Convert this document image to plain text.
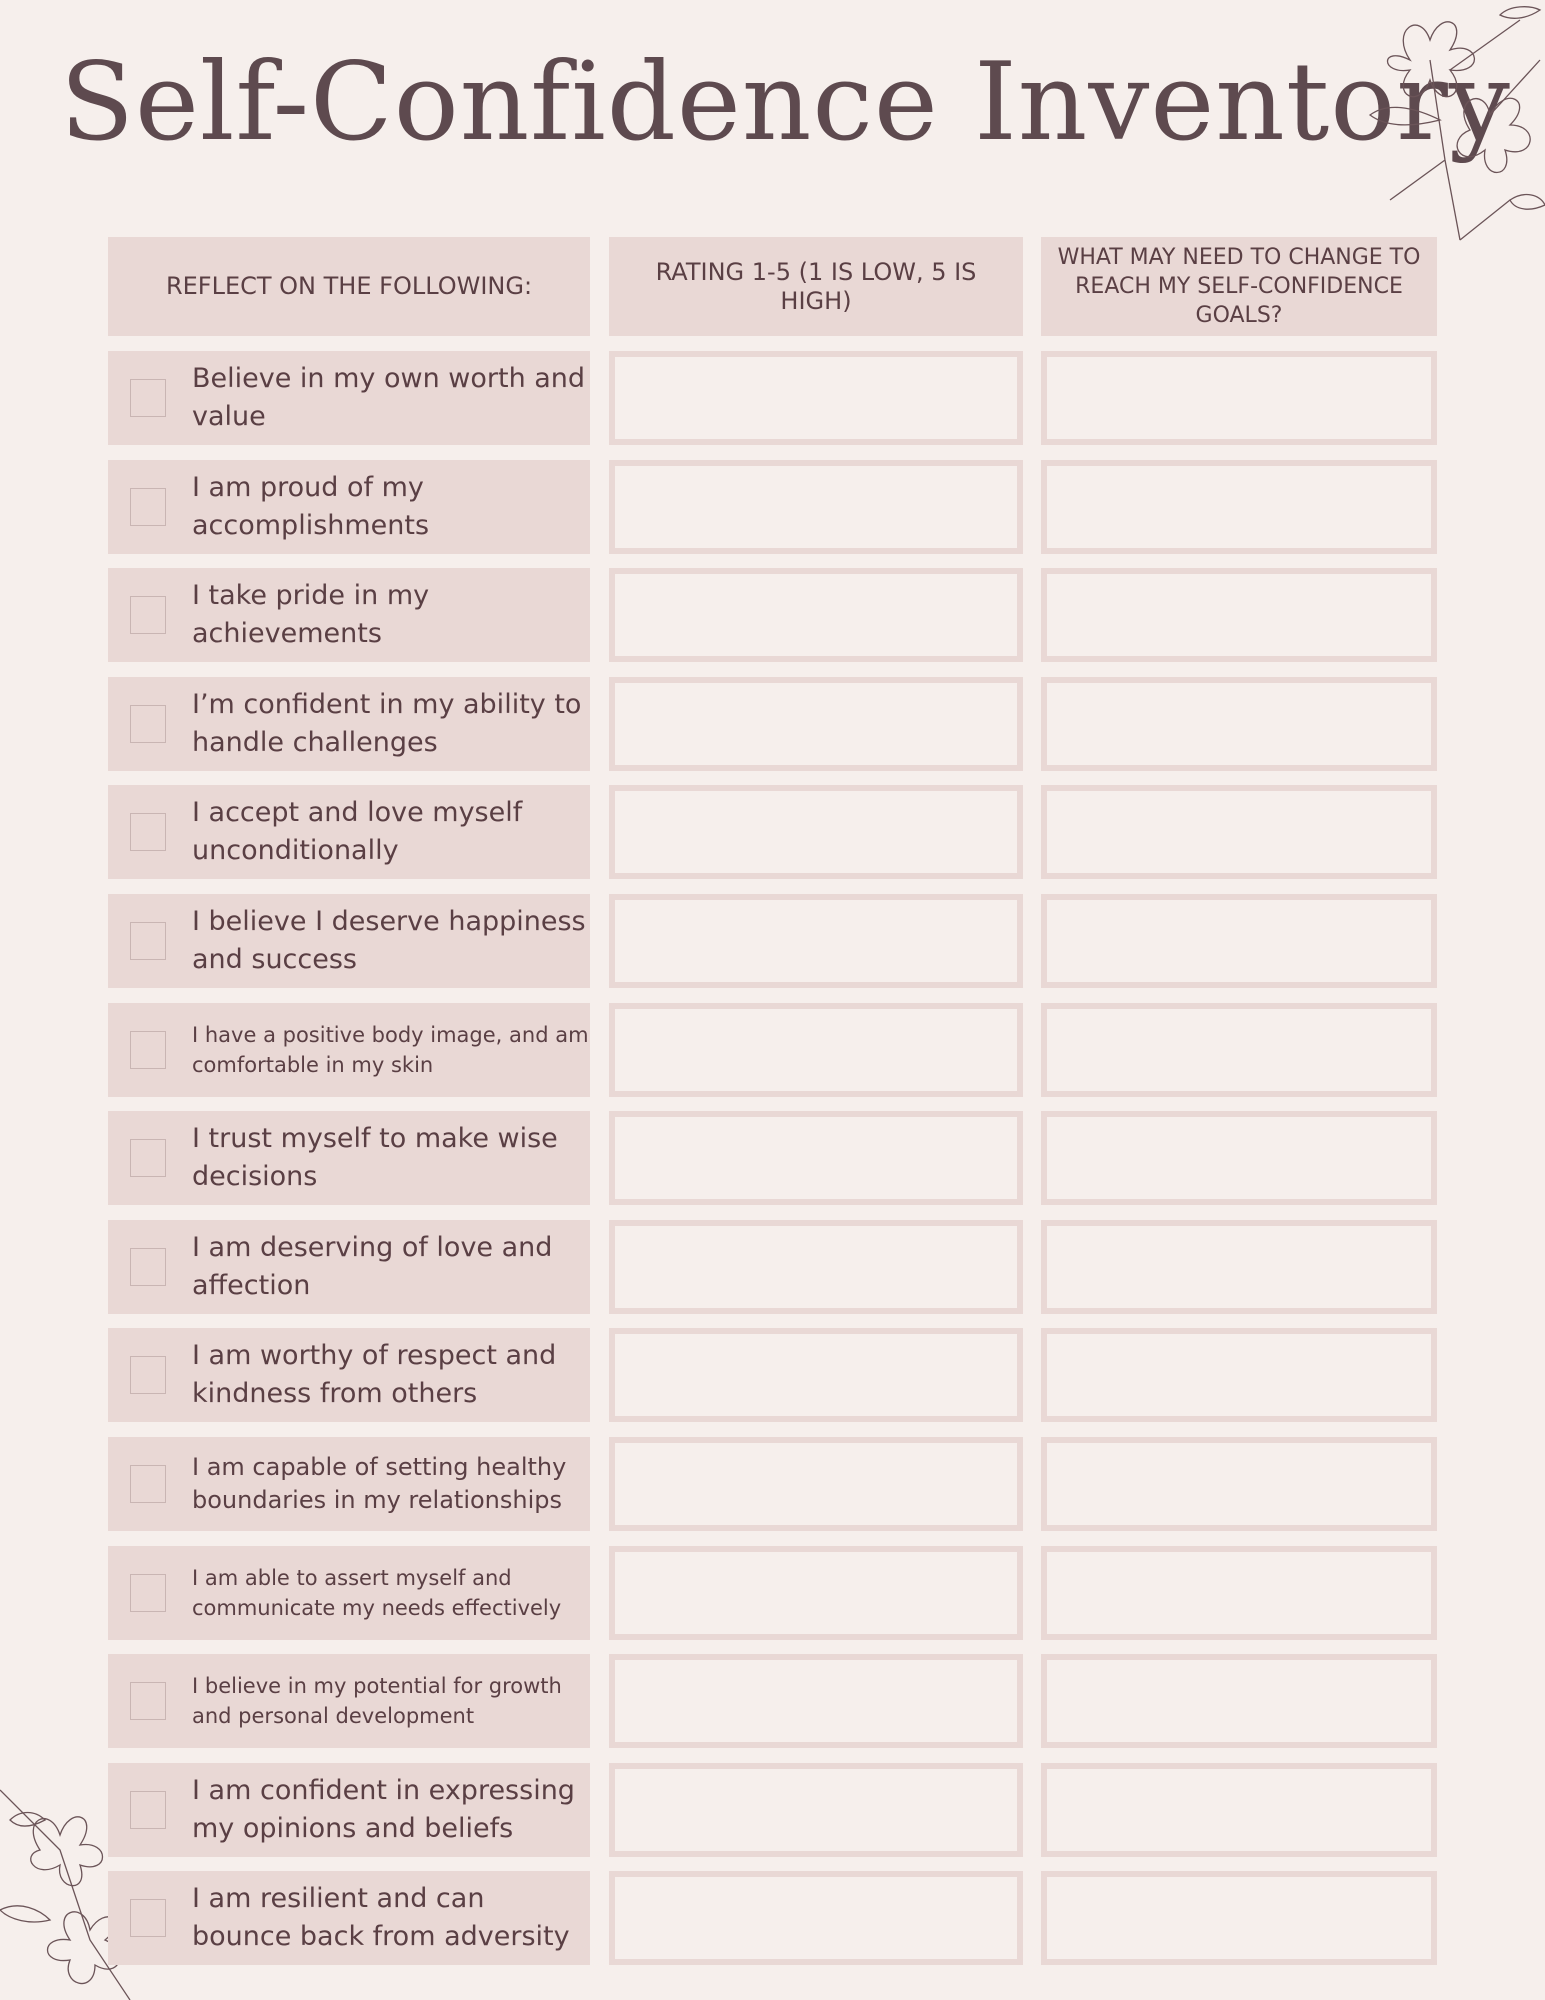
Self-Confidence Inventory
REFLECT ON THE FOLLOWING:
RATING 1-5 (1 IS LOW, 5 IS HIGH)
WHAT MAY NEED TO CHANGE TO REACH MY SELF-CONFIDENCE GOALS?
Believe in my own worth and value
I am proud of my accomplishments
I take pride in my achievements
I’m confident in my ability to handle challenges
I accept and love myself unconditionally
I believe I deserve happiness and success
I have a positive body image, and am comfortable in my skin
I trust myself to make wise decisions
I am deserving of love and affection
I am worthy of respect and kindness from others
I am capable of setting healthy boundaries in my relationships
I am able to assert myself and communicate my needs effectively
I believe in my potential for growth and personal development
I am confident in expressing my opinions and beliefs
I am resilient and can bounce back from adversity
